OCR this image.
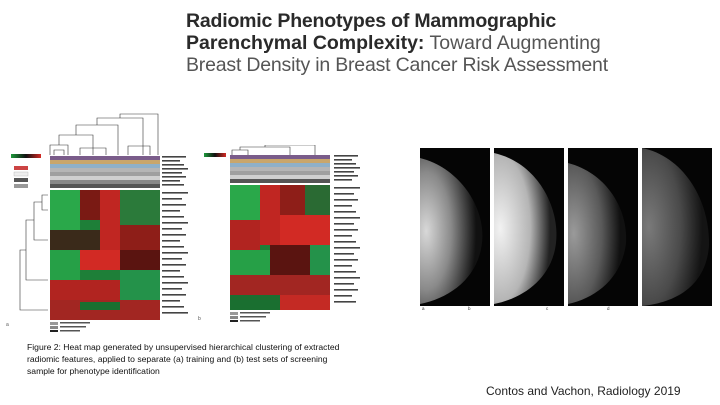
Radiomic Phenotypes of Mammographic
Parenchymal Complexity: Toward Augmenting
Breast Density in Breast Cancer Risk Assessment
a
b
a	b	c	d
Figure 2: Heat map generated by unsupervised hierarchical clustering of extracted radiomic features, applied to separate (a) training and (b) test sets of screening sample for phenotype identification
Contos and Vachon, Radiology 2019
